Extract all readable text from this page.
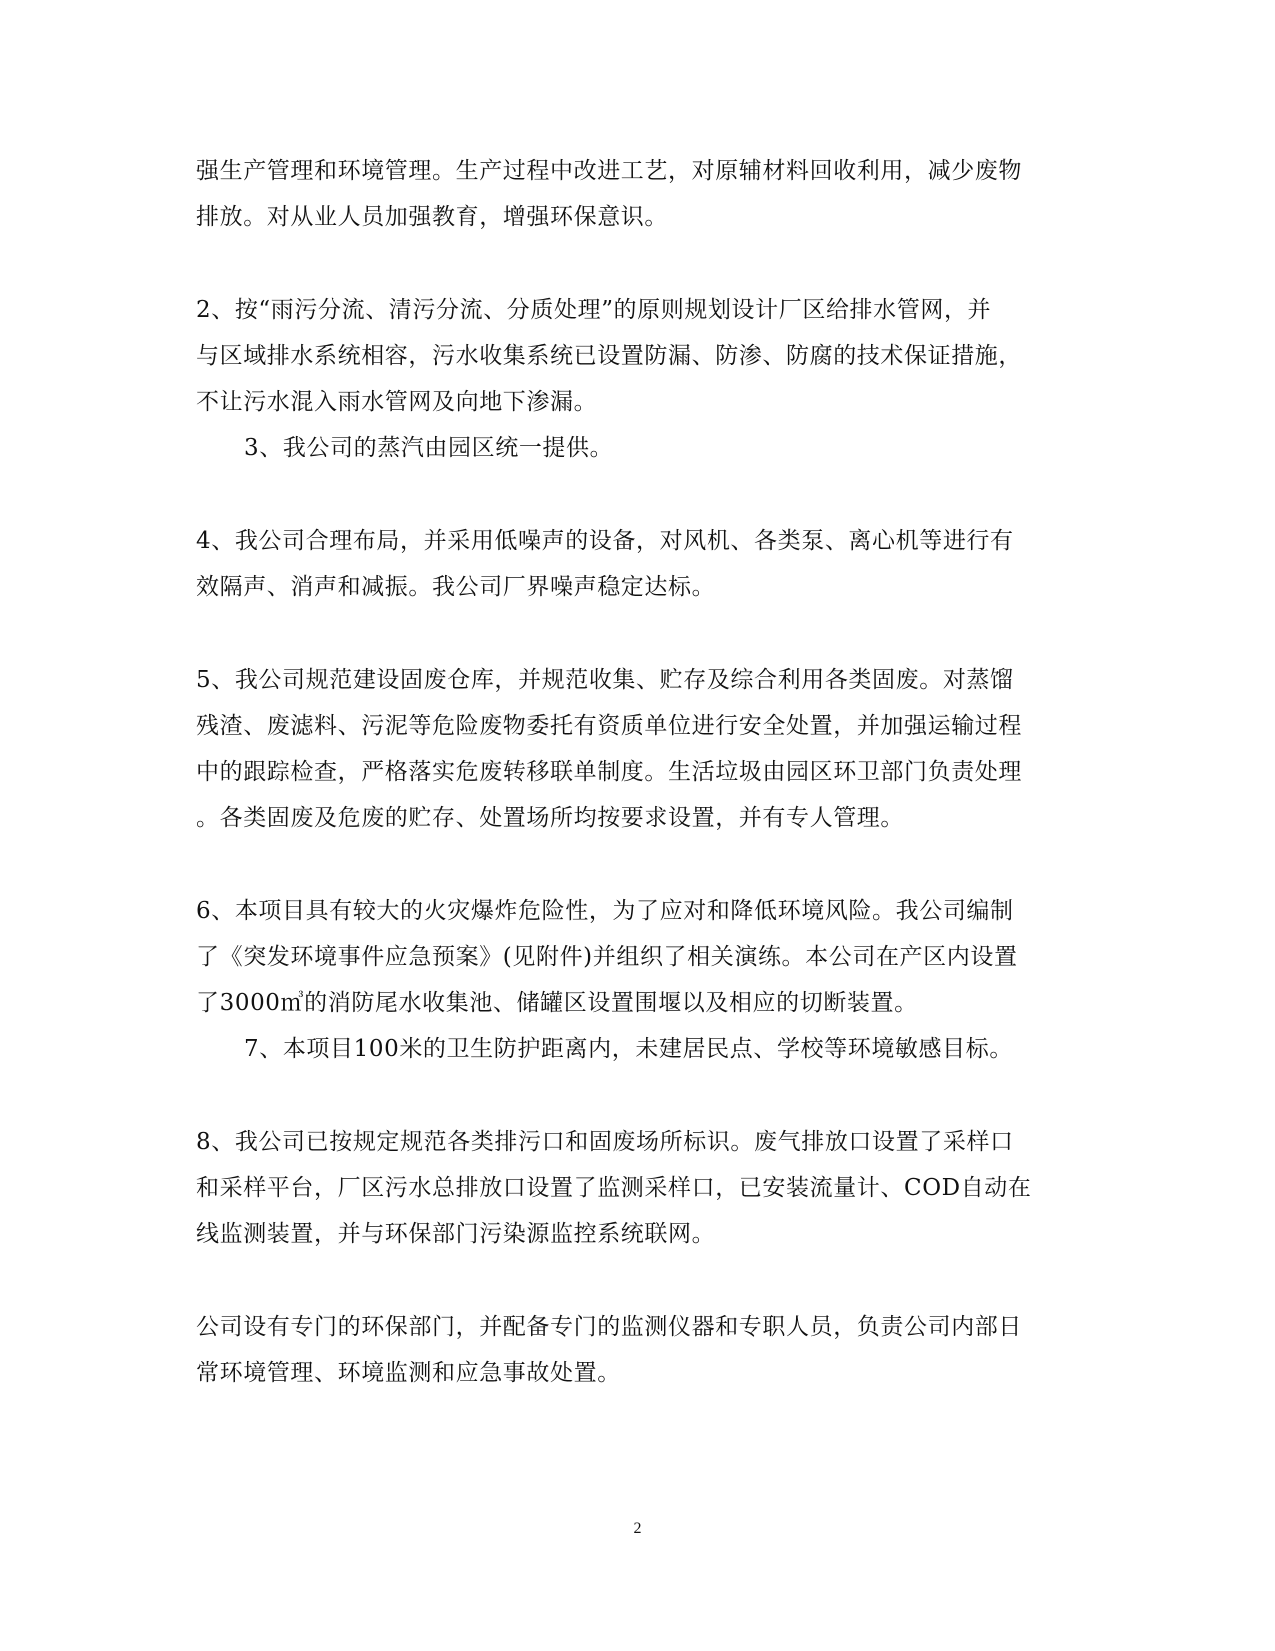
强生产管理和环境管理。生产过程中改进工艺，对原辅材料回收利用，减少废物
排放。对从业人员加强教育，增强环保意识。
2、按“雨污分流、清污分流、分质处理”的原则规划设计厂区给排水管网，并
与区域排水系统相容，污水收集系统已设置防漏、防渗、防腐的技术保证措施，
不让污水混入雨水管网及向地下渗漏。
3、我公司的蒸汽由园区统一提供。
4、我公司合理布局，并采用低噪声的设备，对风机、各类泵、离心机等进行有
效隔声、消声和减振。我公司厂界噪声稳定达标。
5、我公司规范建设固废仓库，并规范收集、贮存及综合利用各类固废。对蒸馏
残渣、废滤料、污泥等危险废物委托有资质单位进行安全处置，并加强运输过程
中的跟踪检查，严格落实危废转移联单制度。生活垃圾由园区环卫部门负责处理
。各类固废及危废的贮存、处置场所均按要求设置，并有专人管理。
6、本项目具有较大的火灾爆炸危险性，为了应对和降低环境风险。我公司编制
了《突发环境事件应急预案》(见附件)并组织了相关演练。本公司在产区内设置
了3000㎥的消防尾水收集池、储罐区设置围堰以及相应的切断装置。
7、本项目100米的卫生防护距离内，未建居民点、学校等环境敏感目标。
8、我公司已按规定规范各类排污口和固废场所标识。废气排放口设置了采样口
和采样平台，厂区污水总排放口设置了监测采样口，已安装流量计、COD自动在
线监测装置，并与环保部门污染源监控系统联网。
公司设有专门的环保部门，并配备专门的监测仪器和专职人员，负责公司内部日
常环境管理、环境监测和应急事故处置。
2
